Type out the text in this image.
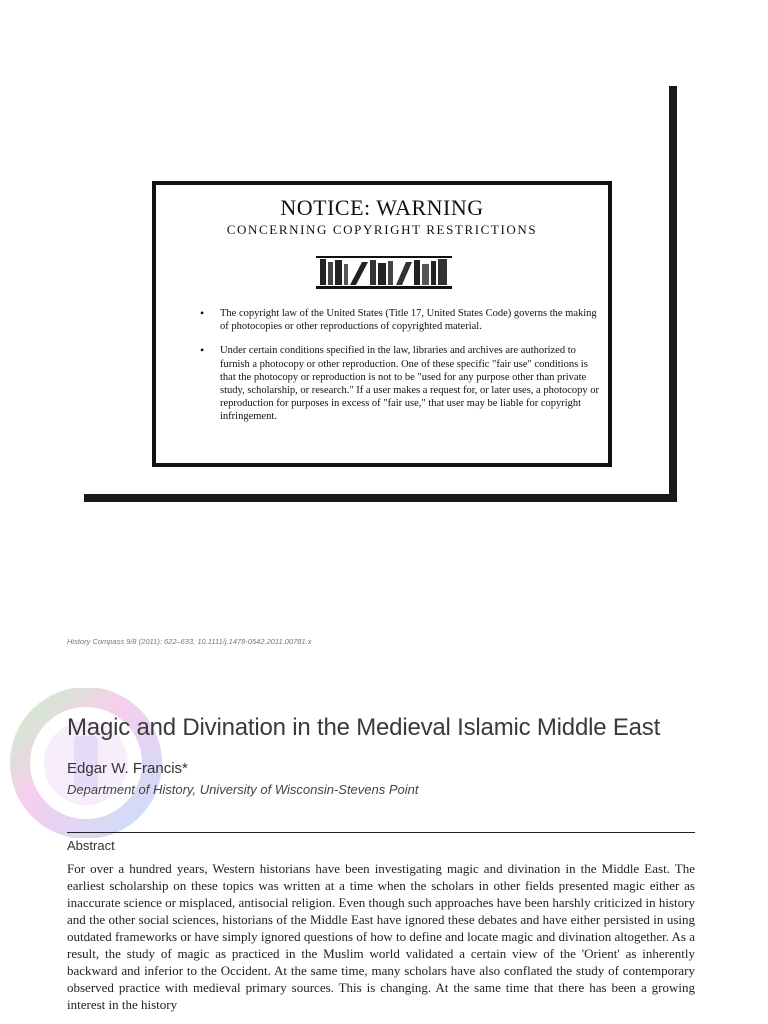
NOTICE: WARNING
CONCERNING COPYRIGHT RESTRICTIONS
• The copyright law of the United States (Title 17, United States Code) governs the making of photocopies or other reproductions of copyrighted material.
• Under certain conditions specified in the law, libraries and archives are authorized to furnish a photocopy or other reproduction. One of these specific "fair use" conditions is that the photocopy or reproduction is not to be "used for any purpose other than private study, scholarship, or research." If a user makes a request for, or later uses, a photocopy or reproduction for purposes in excess of "fair use," that user may be liable for copyright infringement.
History Compass 9/8 (2011): 622–633, 10.1111/j.1478-0542.2011.00781.x
Magic and Divination in the Medieval Islamic Middle East
Edgar W. Francis*
Department of History, University of Wisconsin-Stevens Point
Abstract
For over a hundred years, Western historians have been investigating magic and divination in the Middle East. The earliest scholarship on these topics was written at a time when the scholars in other fields presented magic either as inaccurate science or misplaced, antisocial religion. Even though such approaches have been harshly criticized in history and the other social sciences, historians of the Middle East have ignored these debates and have either persisted in using outdated frameworks or have simply ignored questions of how to define and locate magic and divination altogether. As a result, the study of magic as practiced in the Muslim world validated a certain view of the 'Orient' as inherently backward and inferior to the Occident. At the same time, many scholars have also conflated the study of contemporary observed practice with medieval primary sources. This is changing. At the same time that there has been a growing interest in the history
